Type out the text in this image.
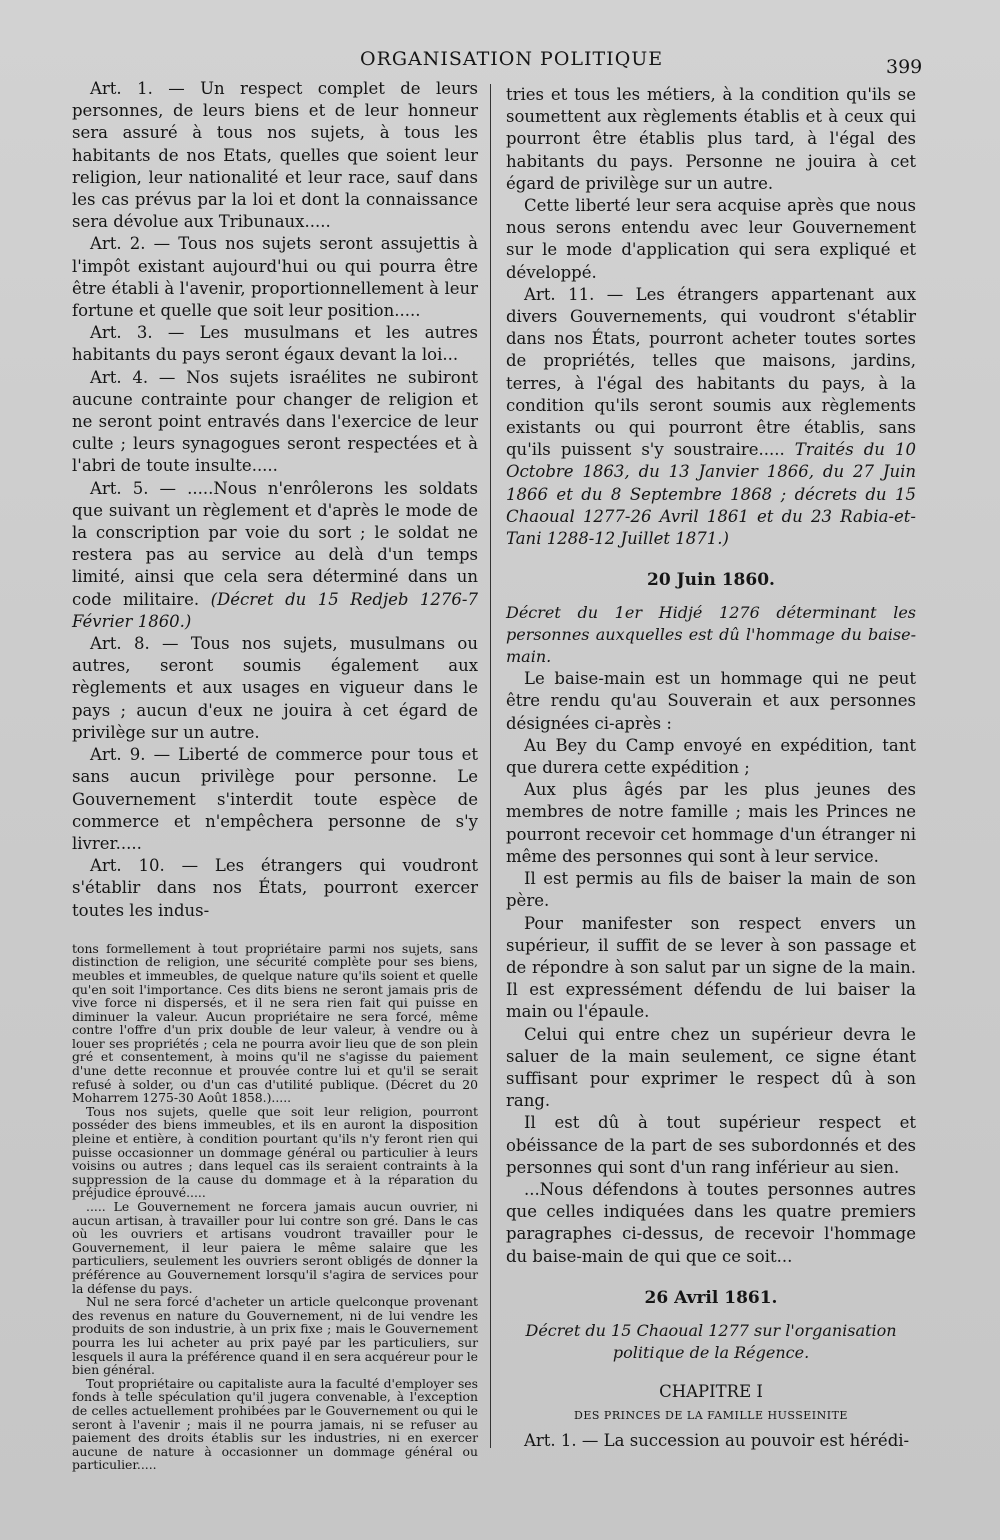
ORGANISATION POLITIQUE	399

Art. 1. — Un respect complet de leurs personnes, de leurs biens et de leur honneur sera assuré à tous nos sujets, à tous les habitants de nos Etats, quelles que soient leur religion, leur nationalité et leur race, sauf dans les cas prévus par la loi et dont la connaissance sera dévolue aux Tribunaux.....

Art. 2. — Tous nos sujets seront assujettis à l'impôt existant aujourd'hui ou qui pourra être être établi à l'avenir, proportionnellement à leur fortune et quelle que soit leur position.....

Art. 3. — Les musulmans et les autres habitants du pays seront égaux devant la loi...

Art. 4. — Nos sujets israélites ne subiront aucune contrainte pour changer de religion et ne seront point entravés dans l'exercice de leur culte ; leurs synagogues seront respectées et à l'abri de toute insulte.....

Art. 5. — .....Nous n'enrôlerons les soldats que suivant un règlement et d'après le mode de la conscription par voie du sort ; le soldat ne restera pas au service au delà d'un temps limité, ainsi que cela sera déterminé dans un code militaire. (Décret du 15 Redjeb 1276-7 Février 1860.)

Art. 8. — Tous nos sujets, musulmans ou autres, seront soumis également aux règlements et aux usages en vigueur dans le pays ; aucun d'eux ne jouira à cet égard de privilège sur un autre.

Art. 9. — Liberté de commerce pour tous et sans aucun privilège pour personne. Le Gouvernement s'interdit toute espèce de commerce et n'empêchera personne de s'y livrer.....

Art. 10. — Les étrangers qui voudront s'établir dans nos États, pourront exercer toutes les indus-

tons formellement à tout propriétaire parmi nos sujets, sans distinction de religion, une sécurité complète pour ses biens, meubles et immeubles, de quelque nature qu'ils soient et quelle qu'en soit l'importance. Ces dits biens ne seront jamais pris de vive force ni dispersés, et il ne sera rien fait qui puisse en diminuer la valeur. Aucun propriétaire ne sera forcé, même contre l'offre d'un prix double de leur valeur, à vendre ou à louer ses propriétés ; cela ne pourra avoir lieu que de son plein gré et consentement, à moins qu'il ne s'agisse du paiement d'une dette reconnue et prouvée contre lui et qu'il se serait refusé à solder, ou d'un cas d'utilité publique. (Décret du 20 Moharrem 1275-30 Août 1858.).....

Tous nos sujets, quelle que soit leur religion, pourront posséder des biens immeubles, et ils en auront la disposition pleine et entière, à condition pourtant qu'ils n'y feront rien qui puisse occasionner un dommage général ou particulier à leurs voisins ou autres ; dans lequel cas ils seraient contraints à la suppression de la cause du dommage et à la réparation du préjudice éprouvé.....

..... Le Gouvernement ne forcera jamais aucun ouvrier, ni aucun artisan, à travailler pour lui contre son gré. Dans le cas où les ouvriers et artisans voudront travailler pour le Gouvernement, il leur paiera le même salaire que les particuliers, seulement les ouvriers seront obligés de donner la préférence au Gouvernement lorsqu'il s'agira de services pour la défense du pays.

Nul ne sera forcé d'acheter un article quelconque provenant des revenus en nature du Gouvernement, ni de lui vendre les produits de son industrie, à un prix fixe ; mais le Gouvernement pourra les lui acheter au prix payé par les particuliers, sur lesquels il aura la préférence quand il en sera acquéreur pour le bien général.

Tout propriétaire ou capitaliste aura la faculté d'employer ses fonds à telle spéculation qu'il jugera convenable, à l'exception de celles actuellement prohibées par le Gouvernement ou qui le seront à l'avenir ; mais il ne pourra jamais, ni se refuser au paiement des droits établis sur les industries, ni en exercer aucune de nature à occasionner un dommage général ou particulier.....

tries et tous les métiers, à la condition qu'ils se soumettent aux règlements établis et à ceux qui pourront être établis plus tard, à l'égal des habitants du pays. Personne ne jouira à cet égard de privilège sur un autre.

Cette liberté leur sera acquise après que nous nous serons entendu avec leur Gouvernement sur le mode d'application qui sera expliqué et développé.

Art. 11. — Les étrangers appartenant aux divers Gouvernements, qui voudront s'établir dans nos États, pourront acheter toutes sortes de propriétés, telles que maisons, jardins, terres, à l'égal des habitants du pays, à la condition qu'ils seront soumis aux règlements existants ou qui pourront être établis, sans qu'ils puissent s'y soustraire..... Traités du 10 Octobre 1863, du 13 Janvier 1866, du 27 Juin 1866 et du 8 Septembre 1868 ; décrets du 15 Chaoual 1277-26 Avril 1861 et du 23 Rabia-et-Tani 1288-12 Juillet 1871.)

20 Juin 1860.

Décret du 1er Hidjé 1276 déterminant les personnes auxquelles est dû l'hommage du baise-main.

Le baise-main est un hommage qui ne peut être rendu qu'au Souverain et aux personnes désignées ci-après :

Au Bey du Camp envoyé en expédition, tant que durera cette expédition ;

Aux plus âgés par les plus jeunes des membres de notre famille ; mais les Princes ne pourront recevoir cet hommage d'un étranger ni même des personnes qui sont à leur service.

Il est permis au fils de baiser la main de son père.

Pour manifester son respect envers un supérieur, il suffit de se lever à son passage et de répondre à son salut par un signe de la main. Il est expressément défendu de lui baiser la main ou l'épaule.

Celui qui entre chez un supérieur devra le saluer de la main seulement, ce signe étant suffisant pour exprimer le respect dû à son rang.

Il est dû à tout supérieur respect et obéissance de la part de ses subordonnés et des personnes qui sont d'un rang inférieur au sien.

...Nous défendons à toutes personnes autres que celles indiquées dans les quatre premiers paragraphes ci-dessus, de recevoir l'hommage du baise-main de qui que ce soit...

26 Avril 1861.

Décret du 15 Chaoual 1277 sur l'organisation politique de la Régence.

CHAPITRE I
DES PRINCES DE LA FAMILLE HUSSEINITE

Art. 1. — La succession au pouvoir est hérédi-
